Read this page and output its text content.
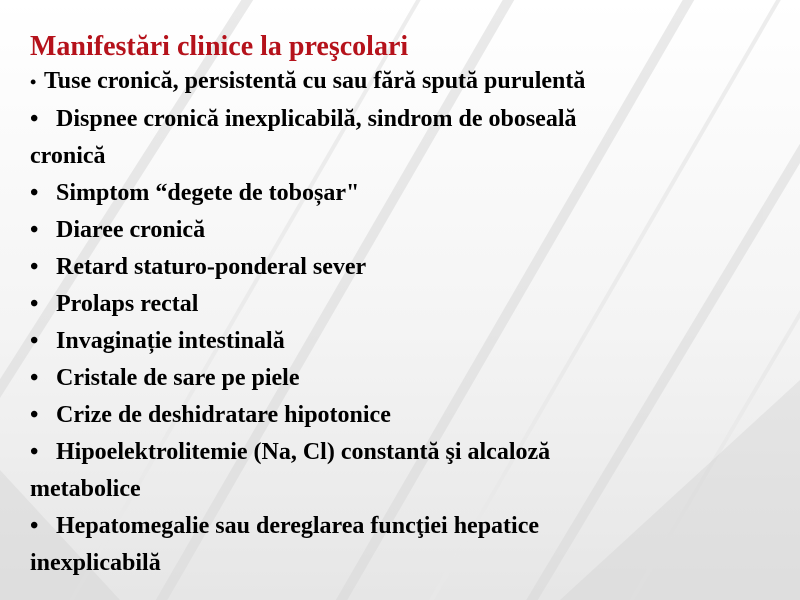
Manifestări clinice la preşcolari
• Tuse cronică, persistentă cu sau fără spută purulentă
• Dispnee cronică inexplicabilă, sindrom de oboseală
cronică
• Simptom “degete de toboșar"
• Diaree cronică
• Retard staturo-ponderal sever
• Prolaps rectal
• Invaginație intestinală
• Cristale de sare pe piele
• Crize de deshidratare hipotonice
• Hipoelektrolitemie (Na, Cl) constantă şi alcaloză
metabolice
• Hepatomegalie sau dereglarea funcţiei hepatice
inexplicabilă
